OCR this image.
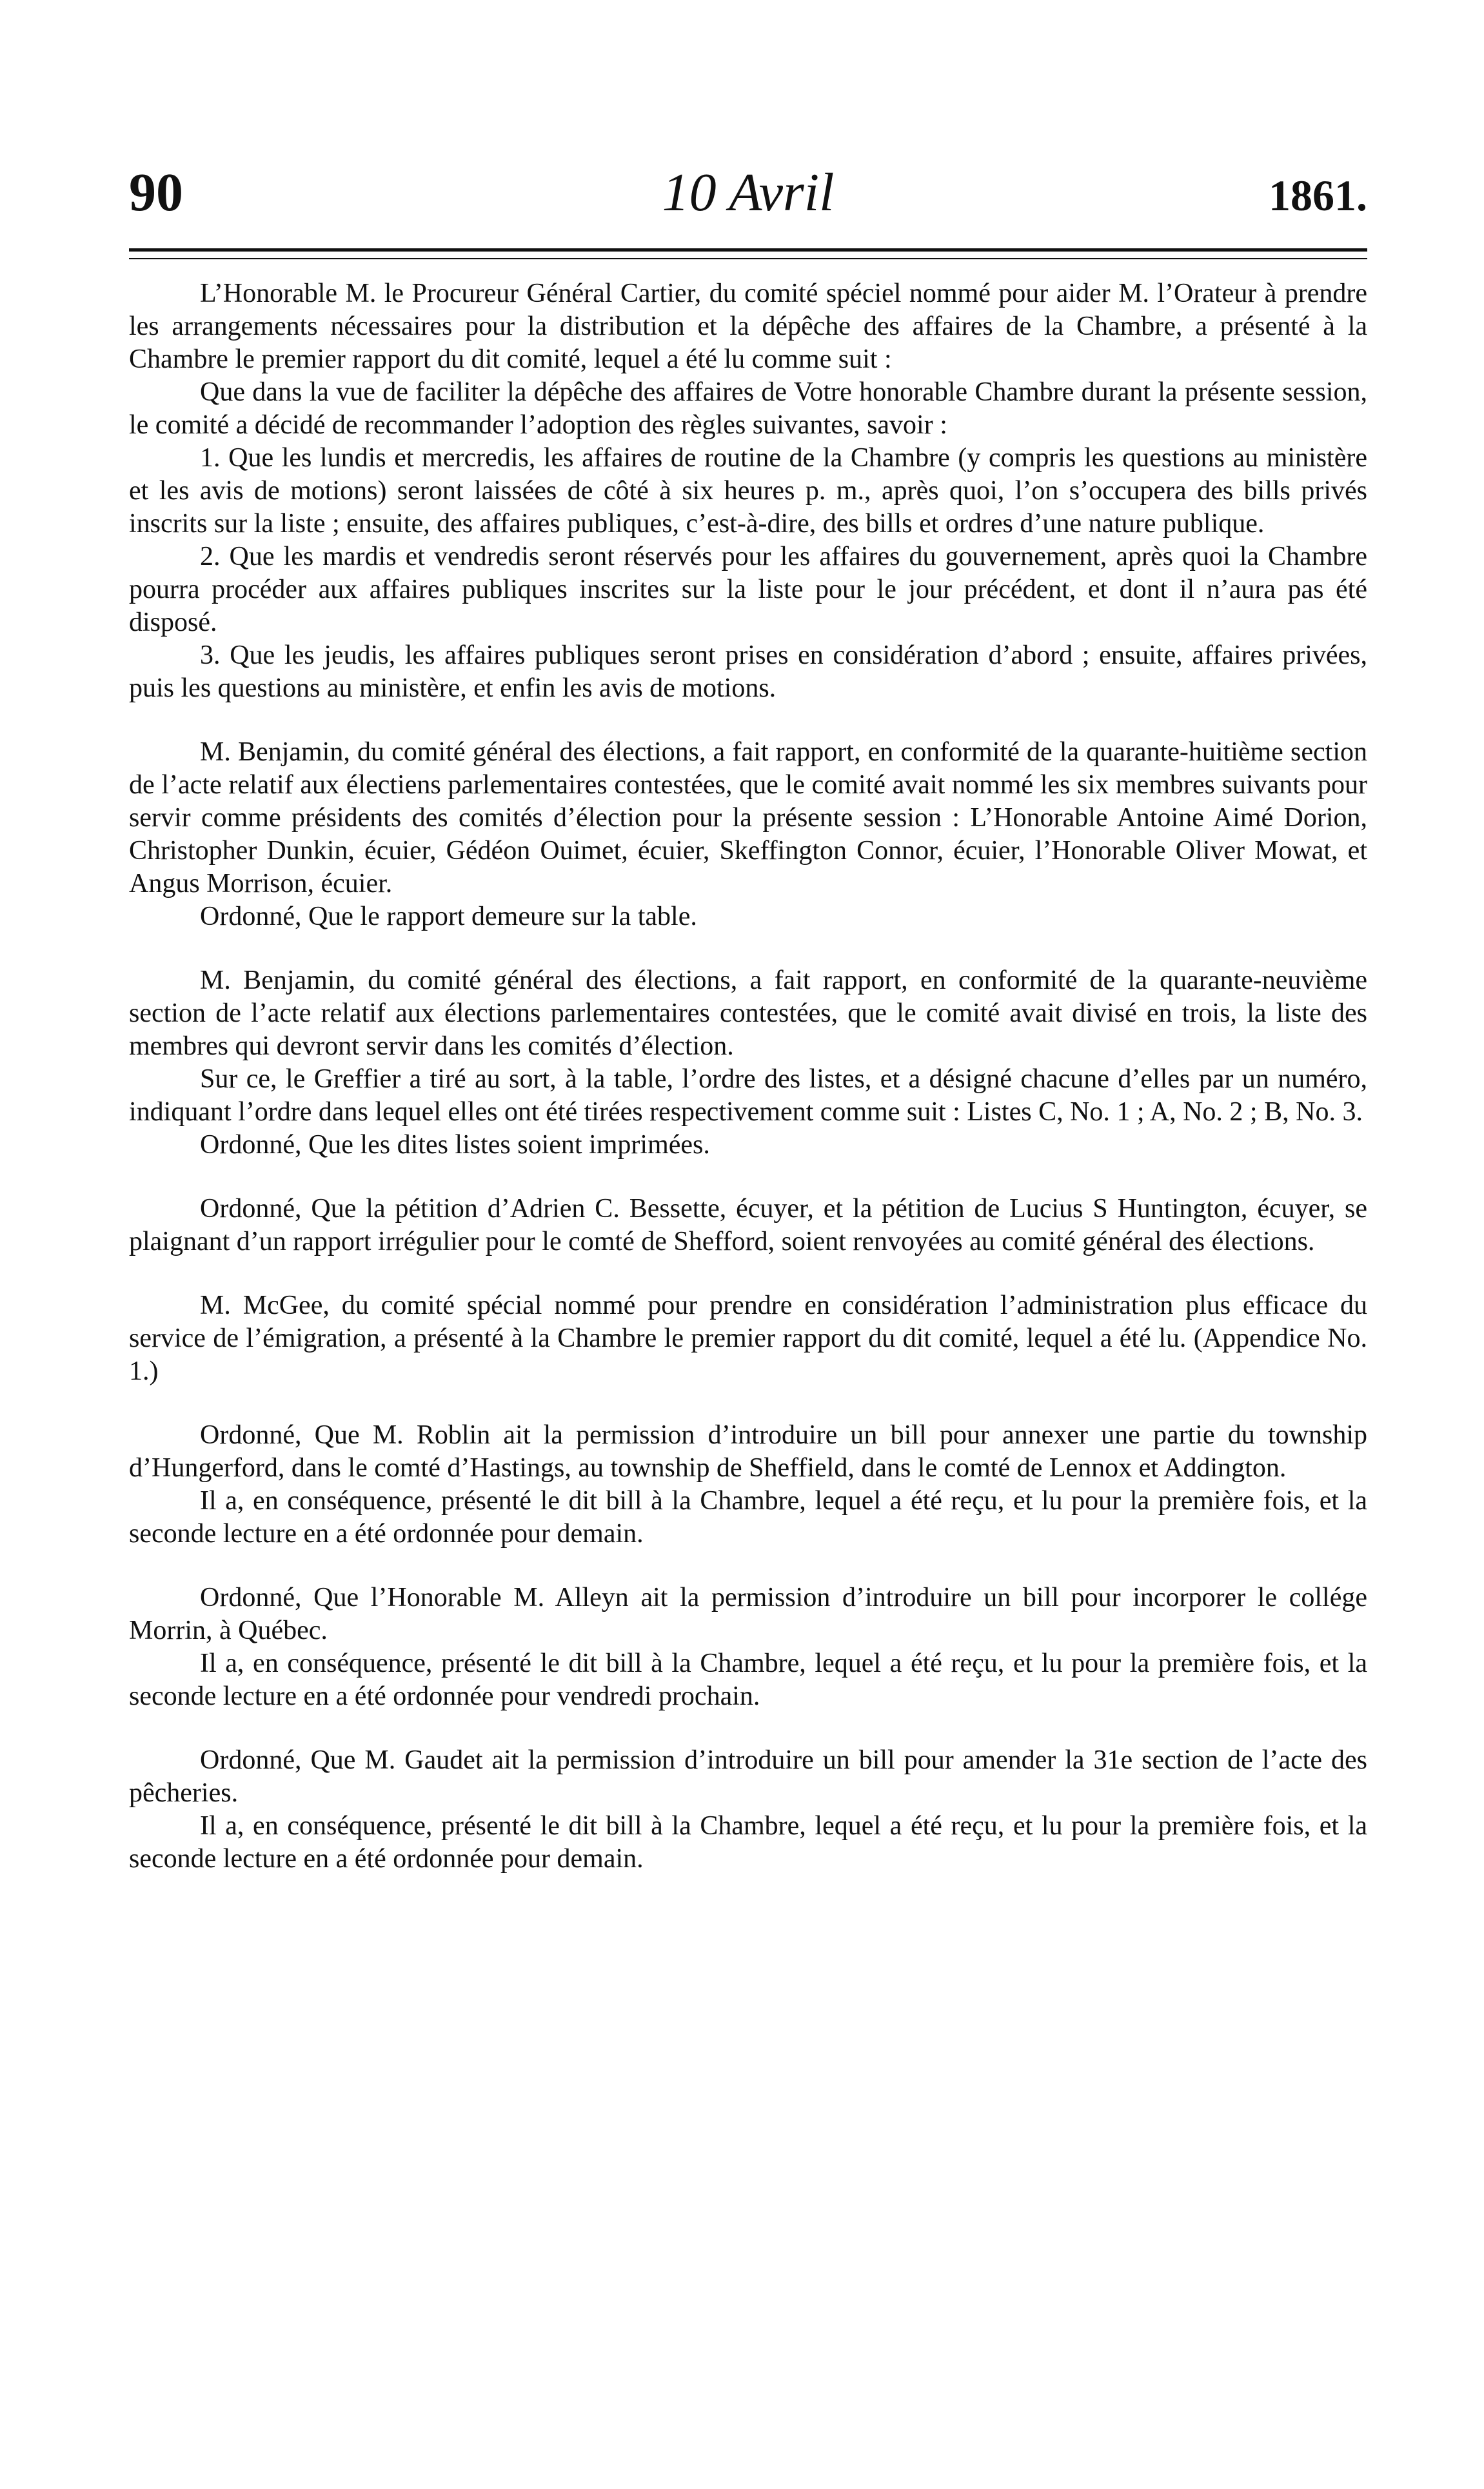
90	10 Avril	1861.

L’Honorable M. le Procureur Général Cartier, du comité spéciel nommé pour aider M. l’Orateur à prendre les arrangements nécessaires pour la distribution et la dépêche des affaires de la Chambre, a présenté à la Chambre le premier rapport du dit comité, lequel a été lu comme suit :

Que dans la vue de faciliter la dépêche des affaires de Votre honorable Chambre durant la présente session, le comité a décidé de recommander l’adoption des règles suivantes, savoir :

1. Que les lundis et mercredis, les affaires de routine de la Chambre (y compris les questions au ministère et les avis de motions) seront laissées de côté à six heures p. m., après quoi, l’on s’occupera des bills privés inscrits sur la liste ; ensuite, des affaires publiques, c’est-à-dire, des bills et ordres d’une nature publique.

2. Que les mardis et vendredis seront réservés pour les affaires du gouvernement, après quoi la Chambre pourra procéder aux affaires publiques inscrites sur la liste pour le jour précédent, et dont il n’aura pas été disposé.

3. Que les jeudis, les affaires publiques seront prises en considération d’abord ; ensuite, affaires privées, puis les questions au ministère, et enfin les avis de motions.

M. Benjamin, du comité général des élections, a fait rapport, en conformité de la quarante-huitième section de l’acte relatif aux électiens parlementaires contestées, que le comité avait nommé les six membres suivants pour servir comme présidents des comités d’élection pour la présente session : L’Honorable Antoine Aimé Dorion, Christopher Dunkin, écuier, Gédéon Ouimet, écuier, Skeffington Connor, écuier, l’Honorable Oliver Mowat, et Angus Morrison, écuier.

Ordonné, Que le rapport demeure sur la table.

M. Benjamin, du comité général des élections, a fait rapport, en conformité de la quarante-neuvième section de l’acte relatif aux élections parlementaires contestées, que le comité avait divisé en trois, la liste des membres qui devront servir dans les comités d’élection.

Sur ce, le Greffier a tiré au sort, à la table, l’ordre des listes, et a désigné chacune d’elles par un numéro, indiquant l’ordre dans lequel elles ont été tirées respectivement comme suit : Listes C, No. 1 ; A, No. 2 ; B, No. 3.

Ordonné, Que les dites listes soient imprimées.

Ordonné, Que la pétition d’Adrien C. Bessette, écuyer, et la pétition de Lucius S Huntington, écuyer, se plaignant d’un rapport irrégulier pour le comté de Shefford, soient renvoyées au comité général des élections.

M. McGee, du comité spécial nommé pour prendre en considération l’administration plus efficace du service de l’émigration, a présenté à la Chambre le premier rapport du dit comité, lequel a été lu. (Appendice No. 1.)

Ordonné, Que M. Roblin ait la permission d’introduire un bill pour annexer une partie du township d’Hungerford, dans le comté d’Hastings, au township de Sheffield, dans le comté de Lennox et Addington.

Il a, en conséquence, présenté le dit bill à la Chambre, lequel a été reçu, et lu pour la première fois, et la seconde lecture en a été ordonnée pour demain.

Ordonné, Que l’Honorable M. Alleyn ait la permission d’introduire un bill pour incorporer le collége Morrin, à Québec.

Il a, en conséquence, présenté le dit bill à la Chambre, lequel a été reçu, et lu pour la première fois, et la seconde lecture en a été ordonnée pour vendredi prochain.

Ordonné, Que M. Gaudet ait la permission d’introduire un bill pour amender la 31e section de l’acte des pêcheries.

Il a, en conséquence, présenté le dit bill à la Chambre, lequel a été reçu, et lu pour la première fois, et la seconde lecture en a été ordonnée pour demain.
